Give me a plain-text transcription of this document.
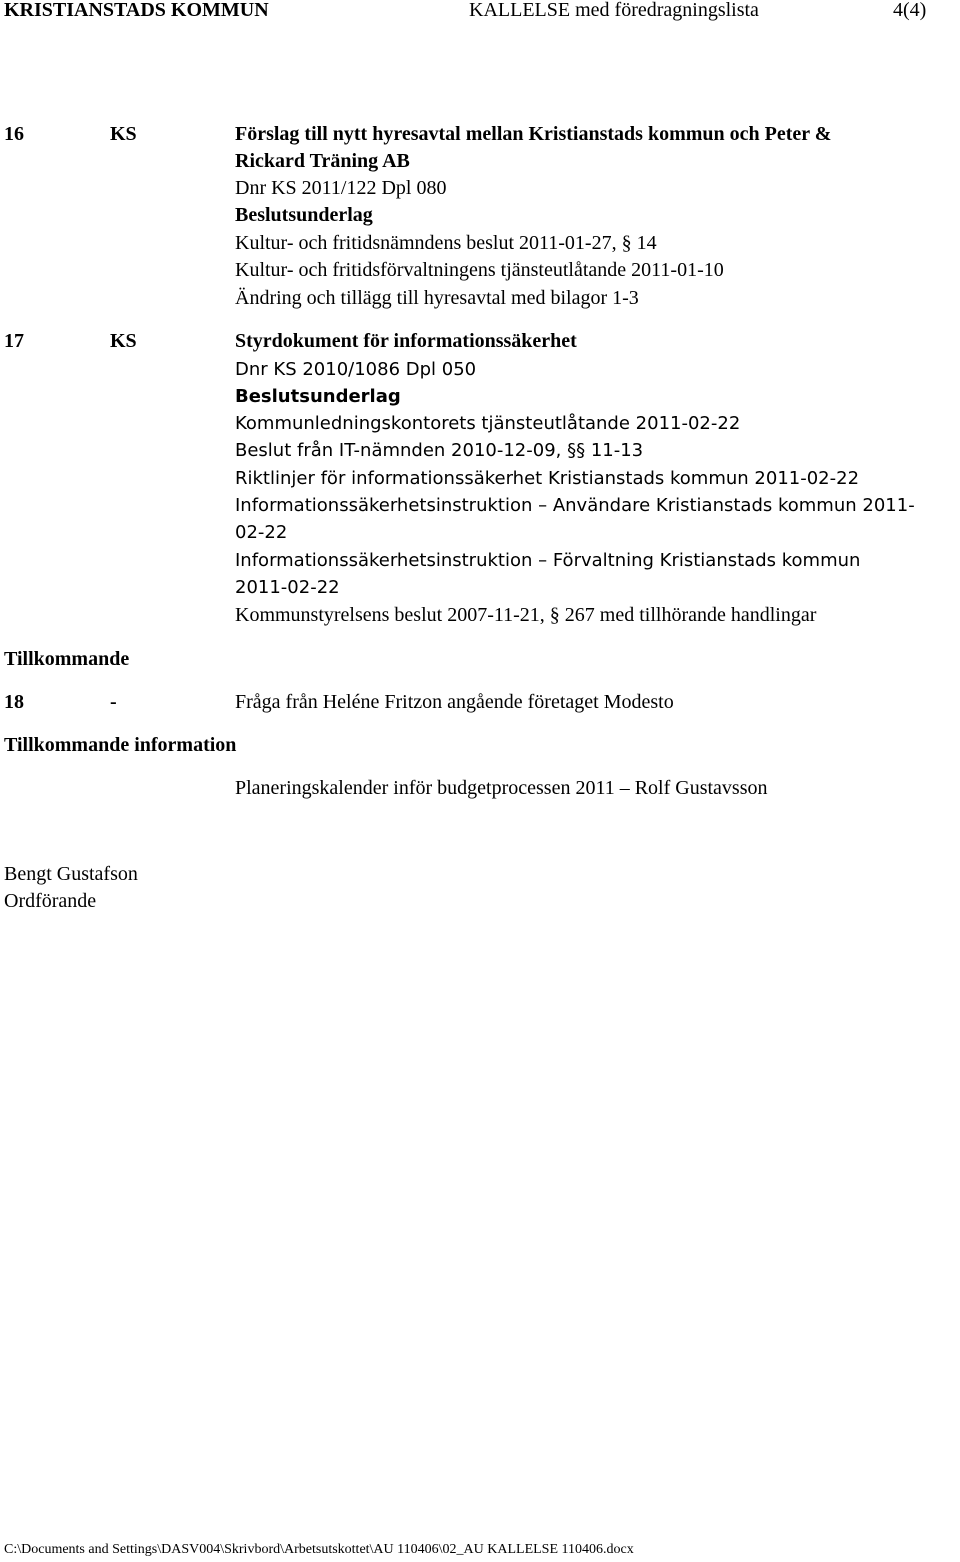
KRISTIANSTADS KOMMUN	KALLELSE med föredragningslista	4(4)
16	KS	Förslag till nytt hyresavtal mellan Kristianstads kommun och Peter &
Rickard Träning AB
Dnr KS 2011/122 Dpl 080
Beslutsunderlag
Kultur- och fritidsnämndens beslut 2011-01-27, § 14
Kultur- och fritidsförvaltningens tjänsteutlåtande 2011-01-10
Ändring och tillägg till hyresavtal med bilagor 1-3
17	KS	Styrdokument för informationssäkerhet
Dnr KS 2010/1086 Dpl 050
Beslutsunderlag
Kommunledningskontorets tjänsteutlåtande 2011-02-22
Beslut från IT-nämnden 2010-12-09, §§ 11-13
Riktlinjer för informationssäkerhet Kristianstads kommun 2011-02-22
Informationssäkerhetsinstruktion – Användare Kristianstads kommun 2011-
02-22
Informationssäkerhetsinstruktion – Förvaltning Kristianstads kommun
2011-02-22
Kommunstyrelsens beslut 2007-11-21, § 267 med tillhörande handlingar
Tillkommande
18	-	Fråga från Heléne Fritzon angående företaget Modesto
Tillkommande information
Planeringskalender inför budgetprocessen 2011 – Rolf Gustavsson
Bengt Gustafson
Ordförande
C:\Documents and Settings\DASV004\Skrivbord\Arbetsutskottet\AU 110406\02_AU KALLELSE 110406.docx
